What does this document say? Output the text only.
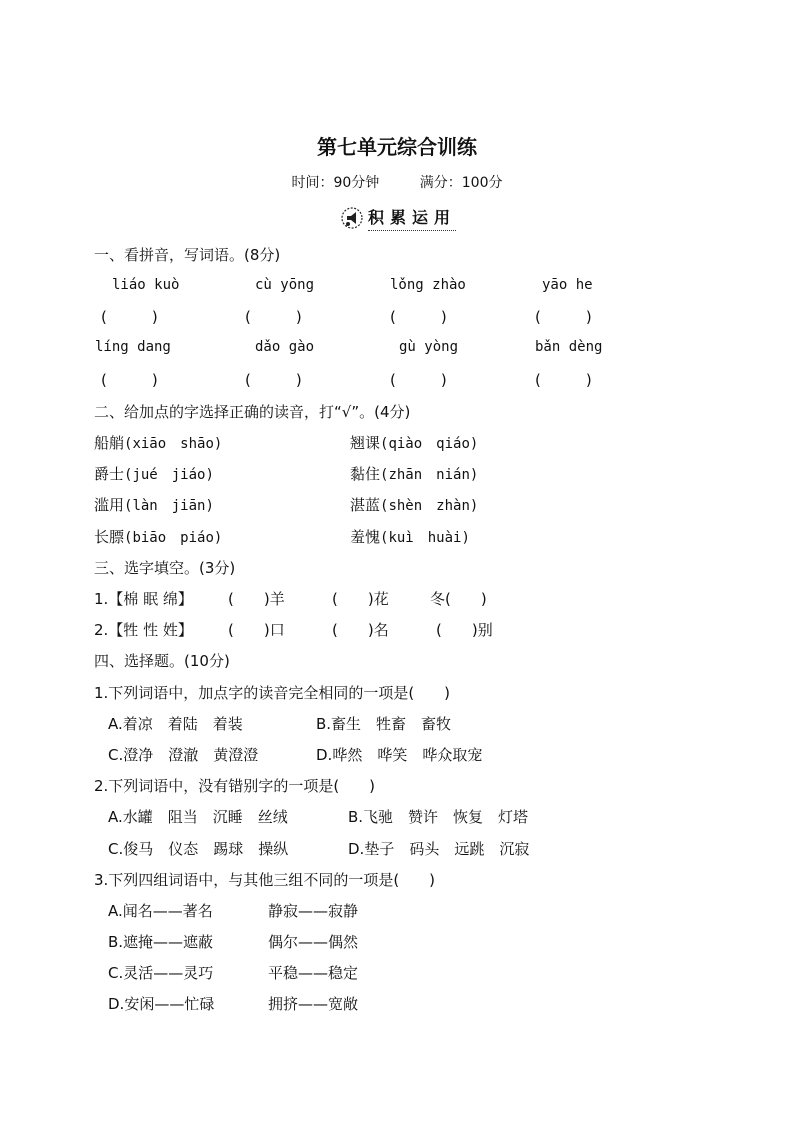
第七单元综合训练
时间：90分钟	满分：100分
积累运用
一、看拼音，写词语。(8分)
liáo kuò	cù yōng	lǒng zhào	yāo he
(　　　)	(　　　)	(　　　)	(　　　)
líng dang	dǎo gào	gù yòng	bǎn dèng
(　　　)	(　　　)	(　　　)	(　　　)
二、给加点的字选择正确的读音，打“√”。(4分)
船艄(xiāo　shāo)	翘课(qiào　qiáo)
爵士(jué　jiáo)	黏住(zhān　nián)
滥用(làn　jiān)	湛蓝(shèn　zhàn)
长膘(biāo　piáo)	羞愧(kuì　huài)
三、选字填空。(3分)
1.【棉 眠 绵】 (　　)羊	(　　)花	冬(　　)
2.【牲 性 姓】 (　　)口	(　　)名	(　　)别
四、选择题。(10分)
1.下列词语中，加点字的读音完全相同的一项是(　　)
A.着凉　着陆　着装	B.畜生　牲畜　畜牧
C.澄净　澄澈　黄澄澄	D.哗然　哗笑　哗众取宠
2.下列词语中，没有错别字的一项是(　　)
A.水罐　阻当　沉睡　丝绒	B.飞驰　赞许　恢复　灯塔
C.俊马　仪态　踢球　操纵	D.垫子　码头　远跳　沉寂
3.下列四组词语中，与其他三组不同的一项是(　　)
A.闻名——著名	静寂——寂静
B.遮掩——遮蔽	偶尔——偶然
C.灵活——灵巧	平稳——稳定
D.安闲——忙碌	拥挤——宽敞
